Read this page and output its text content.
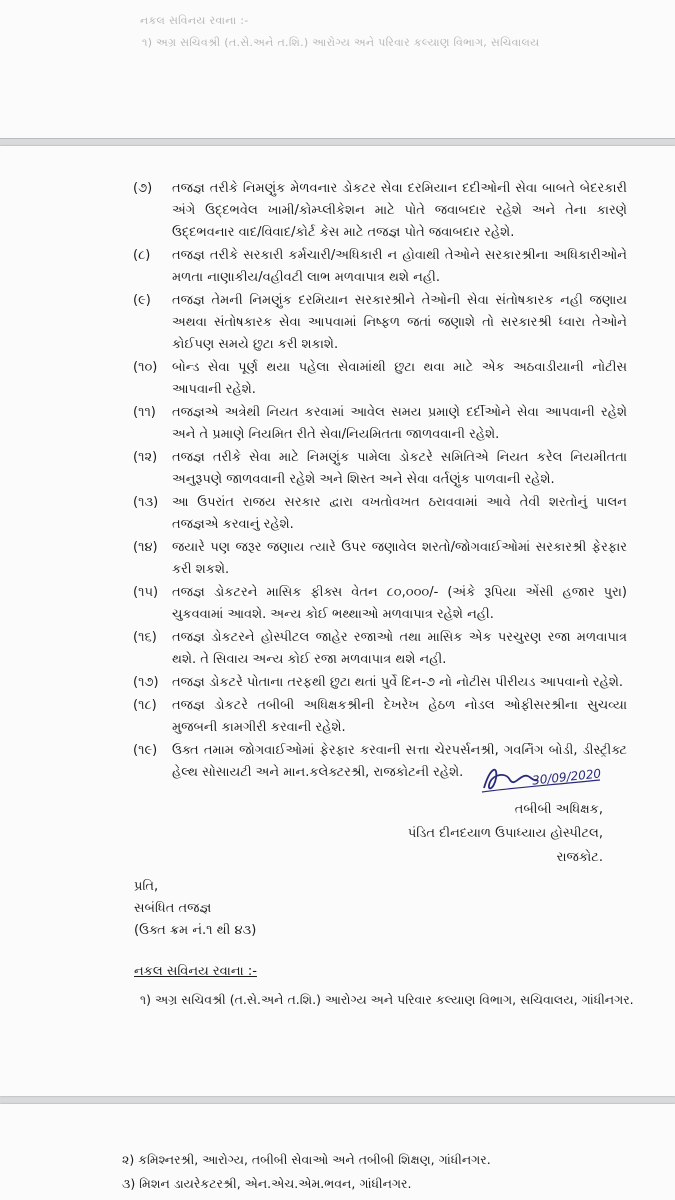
નકલ સવિનય રવાના :-
૧) અગ્ર સચિવશ્રી (ત.સે.અને ત.શિ.) આરોગ્ય અને પરિવાર કલ્યાણ વિભાગ, સચિવાલય
(૭) તજજ્ઞ તરીકે નિમણુંક મેળવનાર ડોકટર સેવા દરમિયાન દદીઓની સેવા બાબતે બેદરકારી અંગે ઉદ્દભવેલ ખામી/કોમ્પ્લીકેશન માટે પોતે જવાબદાર રહેશે અને તેના કારણે ઉદ્દભવનાર વાદ/વિવાદ/કોર્ટ કેસ માટે તજજ્ઞ પોતે જવાબદાર રહેશે.
(૮) તજજ્ઞ તરીકે સરકારી કર્મચારી/અધિકારી ન હોવાથી તેઓને સરકારશ્રીના અધિકારીઓને મળતા નાણાકીય/વહીવટી લાભ મળવાપાત્ર થશે નહી.
(૯) તજજ્ઞ તેમની નિમણુંક દરમિયાન સરકારશ્રીને તેઓની સેવા સંતોષકારક નહી જણાય અથવા સંતોષકારક સેવા આપવામાં નિષ્ફળ જતાં જણાશે તો સરકારશ્રી ધ્વારા તેઓને કોઈપણ સમયે છુટા કરી શકાશે.
(૧૦) બોન્ડ સેવા પૂર્ણ થયા પહેલા સેવામાંથી છુટા થવા માટે એક અઠવાડીયાની નોટીસ આપવાની રહેશે.
(૧૧) તજજ્ઞએ અત્રેથી નિયત કરવામાં આવેલ સમય પ્રમાણે દર્દીઓને સેવા આપવાની રહેશે અને તે પ્રમાણે નિયમિત રીતે સેવા/નિયમિતતા જાળવવાની રહેશે.
(૧૨) તજજ્ઞ તરીકે સેવા માટે નિમણુંક પામેલા ડોકટરે સમિતિએ નિયત કરેલ નિયમીતતા અનુરૂપણે જાળવવાની રહેશે અને શિસ્ત અને સેવા વર્તણુંક પાળવાની રહેશે.
(૧૩) આ ઉપરાંત રાજય સરકાર દ્વારા વખતોવખત ઠરાવવામાં આવે તેવી શરતોનું પાલન તજજ્ઞએ કરવાનું રહેશે.
(૧૪) જયારે પણ જરૂર જણાય ત્યારે ઉપર જણાવેલ શરતો/જોગવાઈઓમાં સરકારશ્રી ફેરફાર કરી શકશે.
(૧૫) તજજ્ઞ ડોકટરને માસિક ફીક્સ વેતન ૮૦,૦૦૦/- (અંકે રૂપિયા એંસી હજાર પુરા) ચુકવવામાં આવશે. અન્ય કોઈ ભથ્થાઓ મળવાપાત્ર રહેશે નહી.
(૧૬) તજજ્ઞ ડોકટરને હોસ્પીટલ જાહેર રજાઓ તથા માસિક એક પરચુરણ રજા મળવાપાત્ર થશે. તે સિવાય અન્ય કોઈ રજા મળવાપાત્ર થશે નહી.
(૧૭) તજજ્ઞ ડોકટરે પોતાના તરફથી છુટા થતાં પુર્વે દિન-૭ નો નોટીસ પીરીયડ આપવાનો રહેશે.
(૧૮) તજજ્ઞ ડોકટરે તબીબી અધિક્ષકશ્રીની દેખરેખ હેઠળ નોડલ ઓફીસરશ્રીના સુચવ્યા મુજબની કામગીરી કરવાની રહેશે.
(૧૯) ઉક્ત તમામ જોગવાઈઓમાં ફેરફાર કરવાની સત્તા ચેરપર્સનશ્રી, ગવર્નિંગ બોડી, ડીસ્ટ્રીક્ટ હેલ્થ સોસાયટી અને માન.કલેક્ટરશ્રી, રાજકોટની રહેશે.	30/09/2020
તબીબી અધિક્ષક,
પંડિત દીનદયાળ ઉપાધ્યાય હોસ્પીટલ,
રાજકોટ.
પ્રતિ,
સબંધિત તજજ્ઞ
(ઉક્ત ક્રમ નં.૧ થી ૪૩)
નકલ સવિનય રવાના :-
૧) અગ્ર સચિવશ્રી (ત.સે.અને ત.શિ.) આરોગ્ય અને પરિવાર કલ્યાણ વિભાગ, સચિવાલય, ગાંધીનગર.
૨) કમિશ્નરશ્રી, આરોગ્ય, તબીબી સેવાઓ અને તબીબી શિક્ષણ, ગાંધીનગર.
૩) મિશન ડાયરેકટરશ્રી, એન.એચ.એમ.ભવન, ગાંધીનગર.
